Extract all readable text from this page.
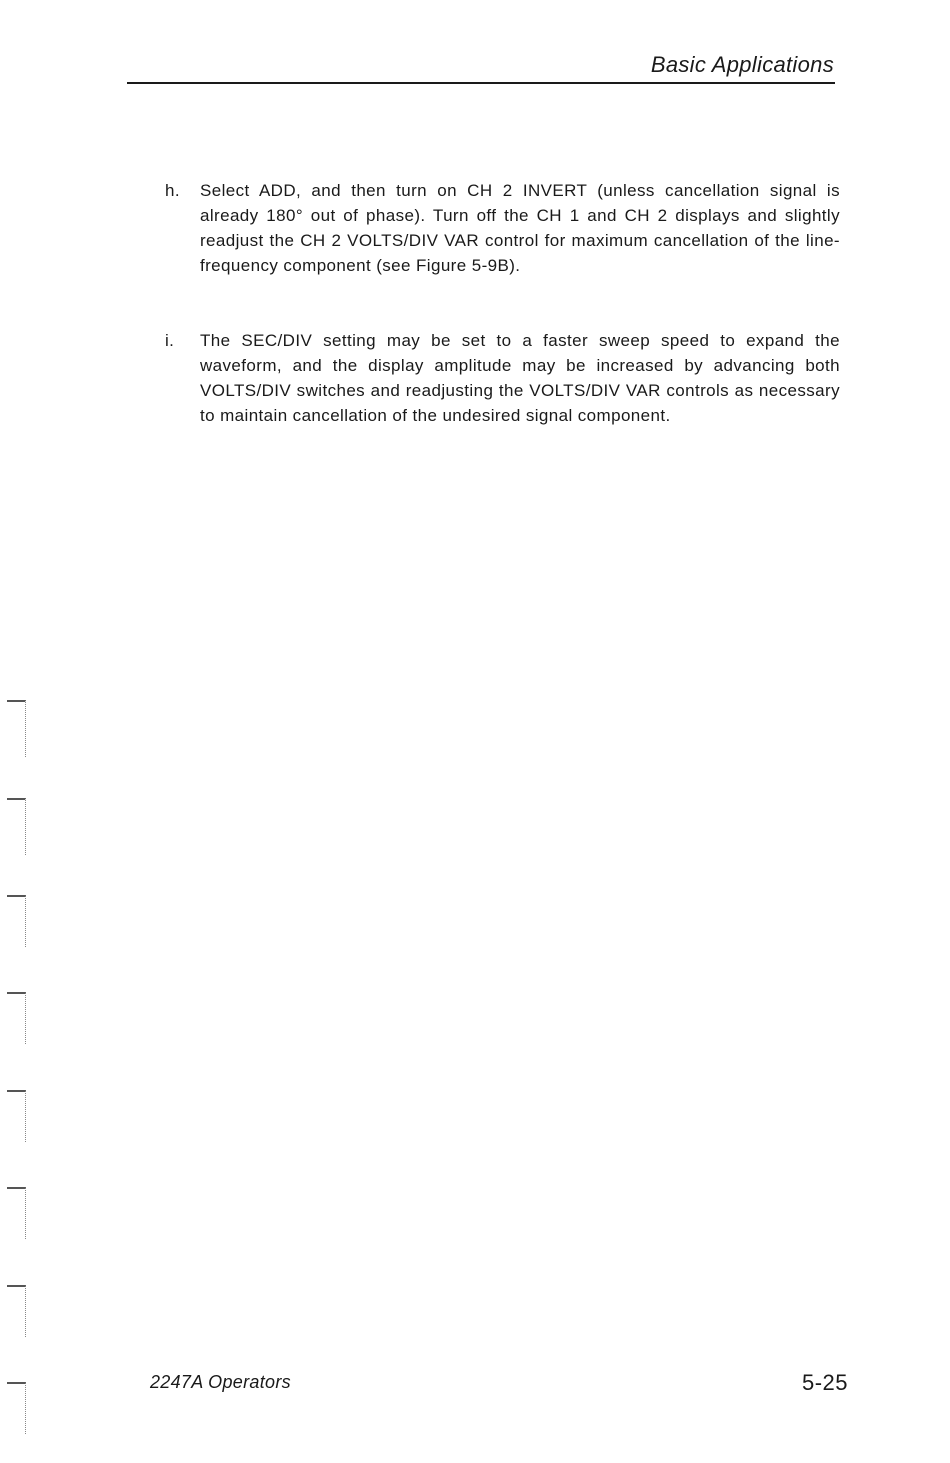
Basic Applications
h.	Select ADD, and then turn on CH 2 INVERT (unless cancellation signal is already 180° out of phase). Turn off the CH 1 and CH 2 displays and slightly readjust the CH 2 VOLTS/DIV VAR control for maximum cancellation of the line-frequency component (see Figure 5-9B).
i.	The SEC/DIV setting may be set to a faster sweep speed to expand the waveform, and the display amplitude may be increased by advancing both VOLTS/DIV switches and readjusting the VOLTS/DIV VAR controls as necessary to maintain cancellation of the undesired signal component.
2247A Operators	5-25
